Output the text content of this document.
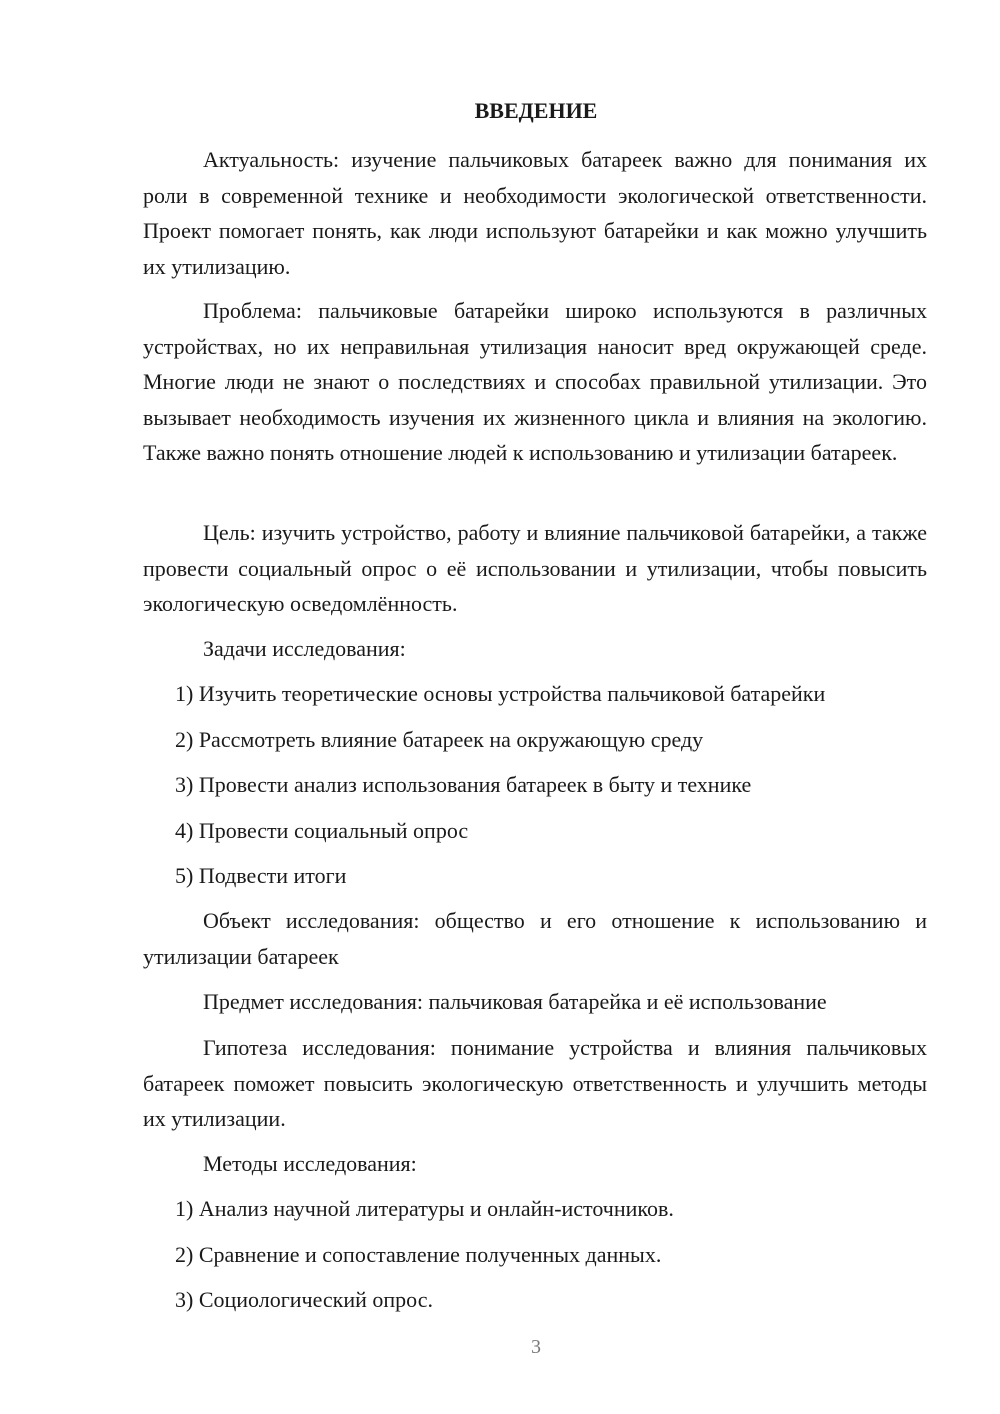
ВВЕДЕНИЕ

Актуальность: изучение пальчиковых батареек важно для понимания их роли в современной технике и необходимости экологической ответственности. Проект помогает понять, как люди используют батарейки и как можно улучшить их утилизацию.

Проблема: пальчиковые батарейки широко используются в различных устройствах, но их неправильная утилизация наносит вред окружающей среде. Многие люди не знают о последствиях и способах правильной утилизации. Это вызывает необходимость изучения их жизненного цикла и влияния на экологию. Также важно понять отношение людей к использованию и утилизации батареек.

Цель: изучить устройство, работу и влияние пальчиковой батарейки, а также провести социальный опрос о её использовании и утилизации, чтобы повысить экологическую осведомлённость.

Задачи исследования:

1) Изучить теоретические основы устройства пальчиковой батарейки

2) Рассмотреть влияние батареек на окружающую среду

3) Провести анализ использования батареек в быту и технике

4) Провести социальный опрос

5) Подвести итоги

Объект исследования: общество и его отношение к использованию и утилизации батареек

Предмет исследования: пальчиковая батарейка и её использование

Гипотеза исследования: понимание устройства и влияния пальчиковых батареек поможет повысить экологическую ответственность и улучшить методы их утилизации.

Методы исследования:

1) Анализ научной литературы и онлайн-источников.

2) Сравнение и сопоставление полученных данных.

3) Социологический опрос.

3
